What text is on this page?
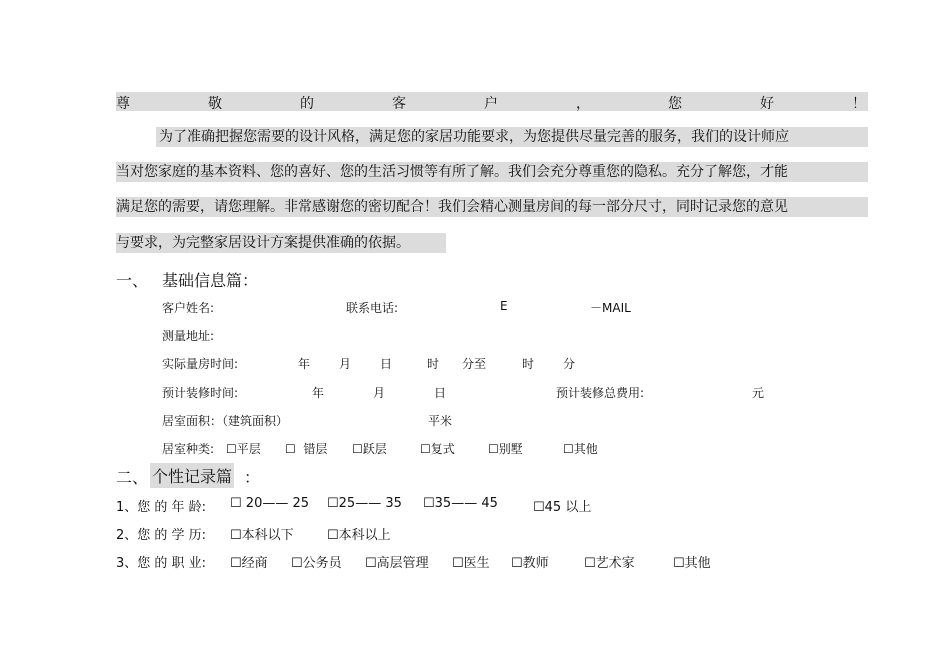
尊	敬	的	客	户	，	您	好	！
为了准确把握您需要的设计风格，满足您的家居功能要求，为您提供尽量完善的服务，我们的设计师应
当对您家庭的基本资料、您的喜好、您的生活习惯等有所了解。我们会充分尊重您的隐私。充分了解您，才能
满足您的需要，请您理解。非常感谢您的密切配合！我们会精心测量房间的每一部分尺寸，同时记录您的意见
与要求，为完整家居设计方案提供准确的依据。
一、 基础信息篇：
客户姓名:	联系电话:	E	－MAIL
测量地址:
实际量房时间:	年 月 日	时 分至	时 分
预计装修时间:	年	月	日	预计装修总费用:	元
居室面积：（建筑面积）	平米
居室种类: ☐	平层 ☐	错层 ☐	跃层 ☐	复式 ☐	别墅 ☐	其他
二、 个性记录篇 ：
1、您 的 年 龄: ☐	20—— 25 ☐	25—— 35 ☐	35—— 45 ☐	45 以上
2、您 的 学 历: ☐	本科以下 ☐	本科以上
3、您 的 职 业: ☐	经商 ☐	公务员 ☐	高层管理 ☐	医生 ☐	教师 ☐	艺术家 ☐	其他
